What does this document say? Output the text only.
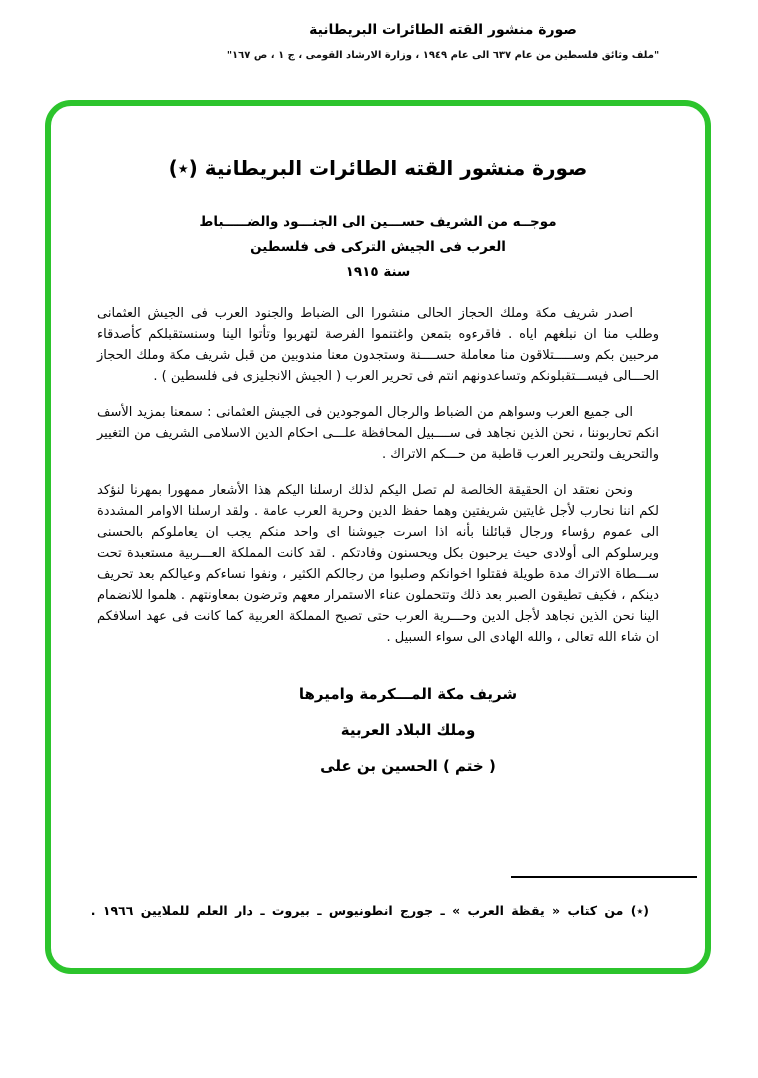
صورة منشور القته الطائرات البريطانية
"ملف وثائق فلسطين من عام ٦٣٧ الى عام ١٩٤٩ ، وزارة الارشاد القومى ، ج ١ ، ص ١٦٧"
صورة منشور القته الطائرات البريطانية (٭)
موجــه من الشريف حســـين الى الجنـــود والضـــــباط
العرب فى الجيش التركى فى فلسطين
سنة ١٩١٥

اصدر شريف مكة وملك الحجاز الحالى منشورا الى الضباط والجنود العرب فى الجيش العثمانى وطلب منا ان نبلغهم اياه . فاقرءوه بتمعن واغتنموا الفرصة لتهربوا وتأتوا الينا وسنستقبلكم كأصدقاء مرحبين بكم وســـــتلاقون منا معاملة حســــنة وستجدون معنا مندوبين من قبل شريف مكة وملك الحجاز الحـــالى فيســـتقبلونكم وتساعدونهم انتم فى تحرير العرب ( الجيش الانجليزى فى فلسطين ) .

الى جميع العرب وسواهم من الضباط والرجال الموجودين فى الجيش العثمانى : سمعنا بمزيد الأسف انكم تحاربوننا ، نحن الذين نجاهد فى ســــبيل المحافظة علـــى احكام الدين الاسلامى الشريف من التغيير والتحريف ولتحرير العرب قاطبة من حـــكم الاتراك .

ونحن نعتقد ان الحقيقة الخالصة لم تصل اليكم لذلك ارسلنا اليكم هذا الأشعار ممهورا بمهرنا لنؤكد لكم اننا نحارب لأجل غايتين شريفتين وهما حفظ الدين وحرية العرب عامة . ولقد ارسلنا الاوامر المشددة الى عموم رؤساء ورجال قبائلنا بأنه اذا اسرت جيوشنا اى واحد منكم يجب ان يعاملوكم بالحسنى ويرسلوكم الى أولادى حيث يرحبون بكل ويحسنون وفادتكم . لقد كانت المملكة العـــربية مستعبدة تحت ســـطاة الاتراك مدة طويلة فقتلوا اخوانكم وصلبوا من رجالكم الكثير ، ونفوا نساءكم وعيالكم بعد تحريف دينكم ، فكيف تطيقون الصبر بعد ذلك وتتحملون عناء الاستمرار معهم وترضون بمعاونتهم . هلموا للانضمام الينا نحن الذين نجاهد لأجل الدين وحـــرية العرب حتى تصبح المملكة العربية كما كانت فى عهد اسلافكم ان شاء الله تعالى ، والله الهادى الى سواء السبيل .

شريف مكة المـــكرمة واميرها
وملك البلاد العربية
( ختم ) الحسين بن على
(٭) من كتاب « يقظة العرب » ـ جورج انطونيوس ـ بيروت ـ دار العلم للملايين ١٩٦٦ .
